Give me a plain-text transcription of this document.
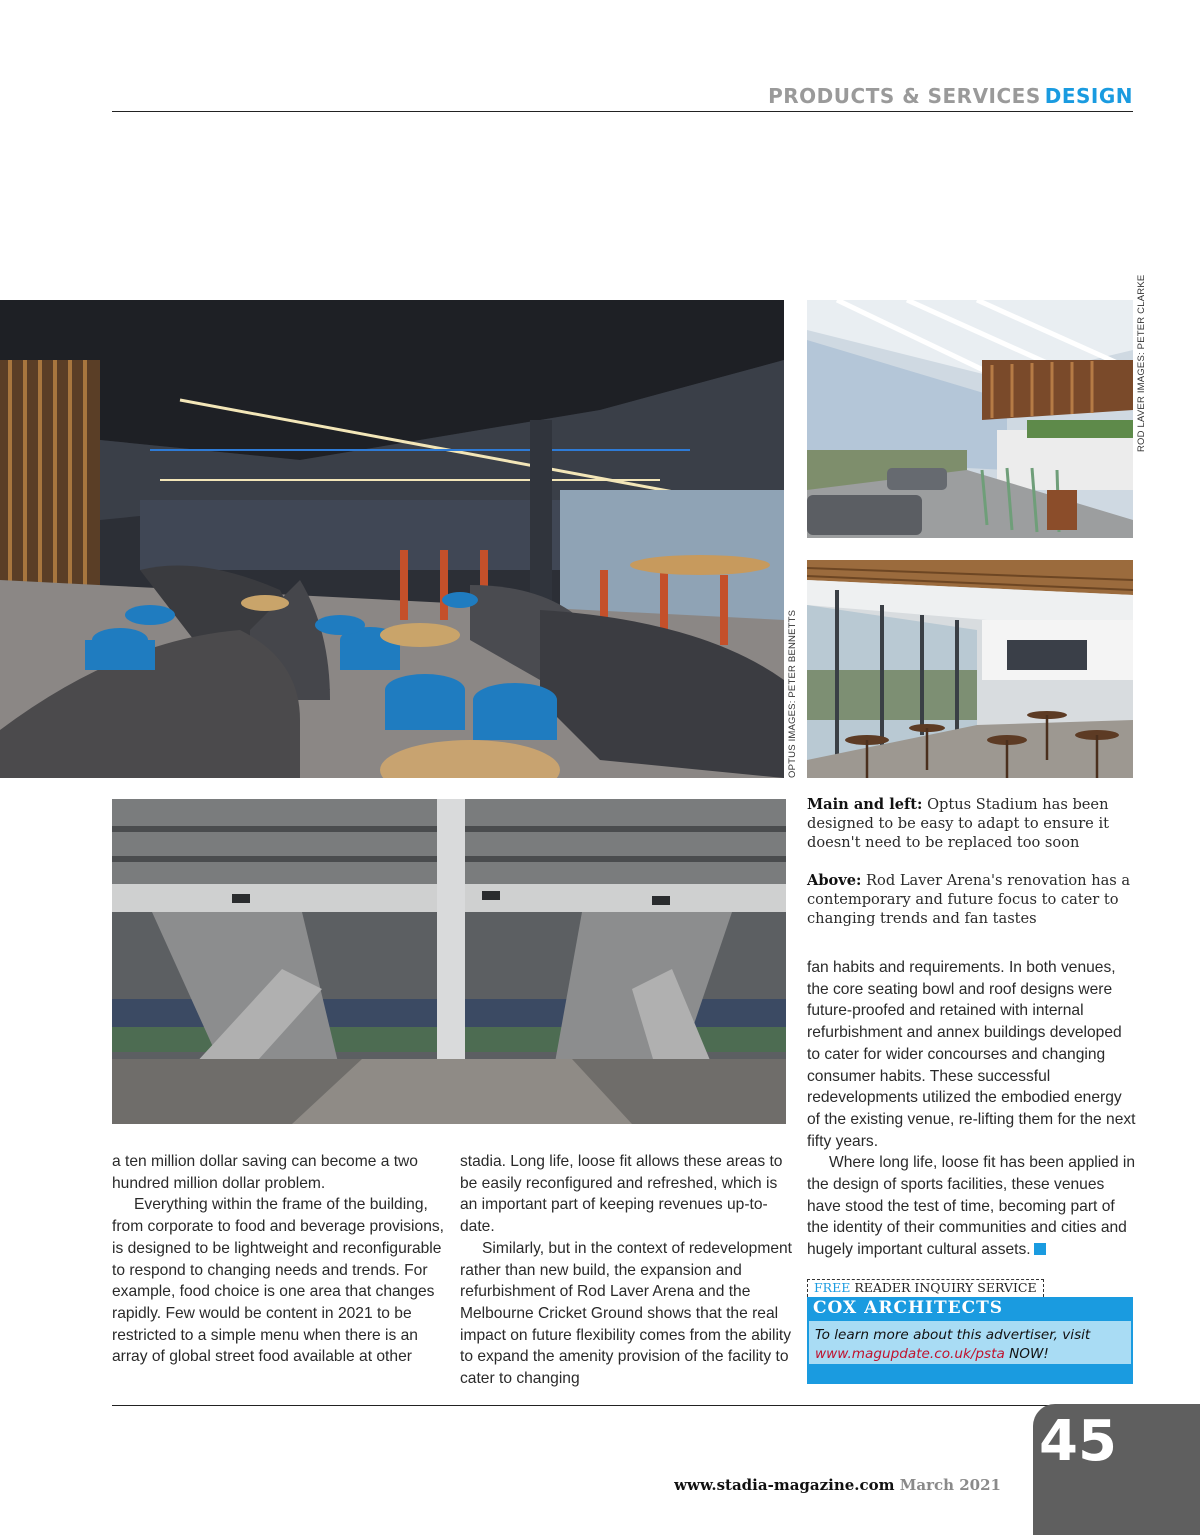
PRODUCTS & SERVICES DESIGN
OPTUS IMAGES: PETER BENNETTS
ROD LAVER IMAGES: PETER CLARKE
Main and left: Optus Stadium has been designed to be easy to adapt to ensure it doesn't need to be replaced too soon
Above: Rod Laver Arena's renovation has a contemporary and future focus to cater to changing trends and fan tastes

a ten million dollar saving can become a two hundred million dollar problem.

Everything within the frame of the building, from corporate to food and beverage provisions, is designed to be lightweight and reconfigurable to respond to changing needs and trends. For example, food choice is one area that changes rapidly. Few would be content in 2021 to be restricted to a simple menu when there is an array of global street food available at other

stadia. Long life, loose fit allows these areas to be easily reconfigured and refreshed, which is an important part of keeping revenues up-to-date.

Similarly, but in the context of redevelopment rather than new build, the expansion and refurbishment of Rod Laver Arena and the Melbourne Cricket Ground shows that the real impact on future flexibility comes from the ability to expand the amenity provision of the facility to cater to changing

fan habits and requirements. In both venues, the core seating bowl and roof designs were future-proofed and retained with internal refurbishment and annex buildings developed to cater for wider concourses and changing consumer habits. These successful redevelopments utilized the embodied energy of the existing venue, re-lifting them for the next fifty years.

Where long life, loose fit has been applied in the design of sports facilities, these venues have stood the test of time, becoming part of the identity of their communities and cities and hugely important cultural assets.

FREE READER INQUIRY SERVICE
COX ARCHITECTS
To learn more about this advertiser, visit
www.magupdate.co.uk/psta NOW!
www.stadia-magazine.com March 2021
45
